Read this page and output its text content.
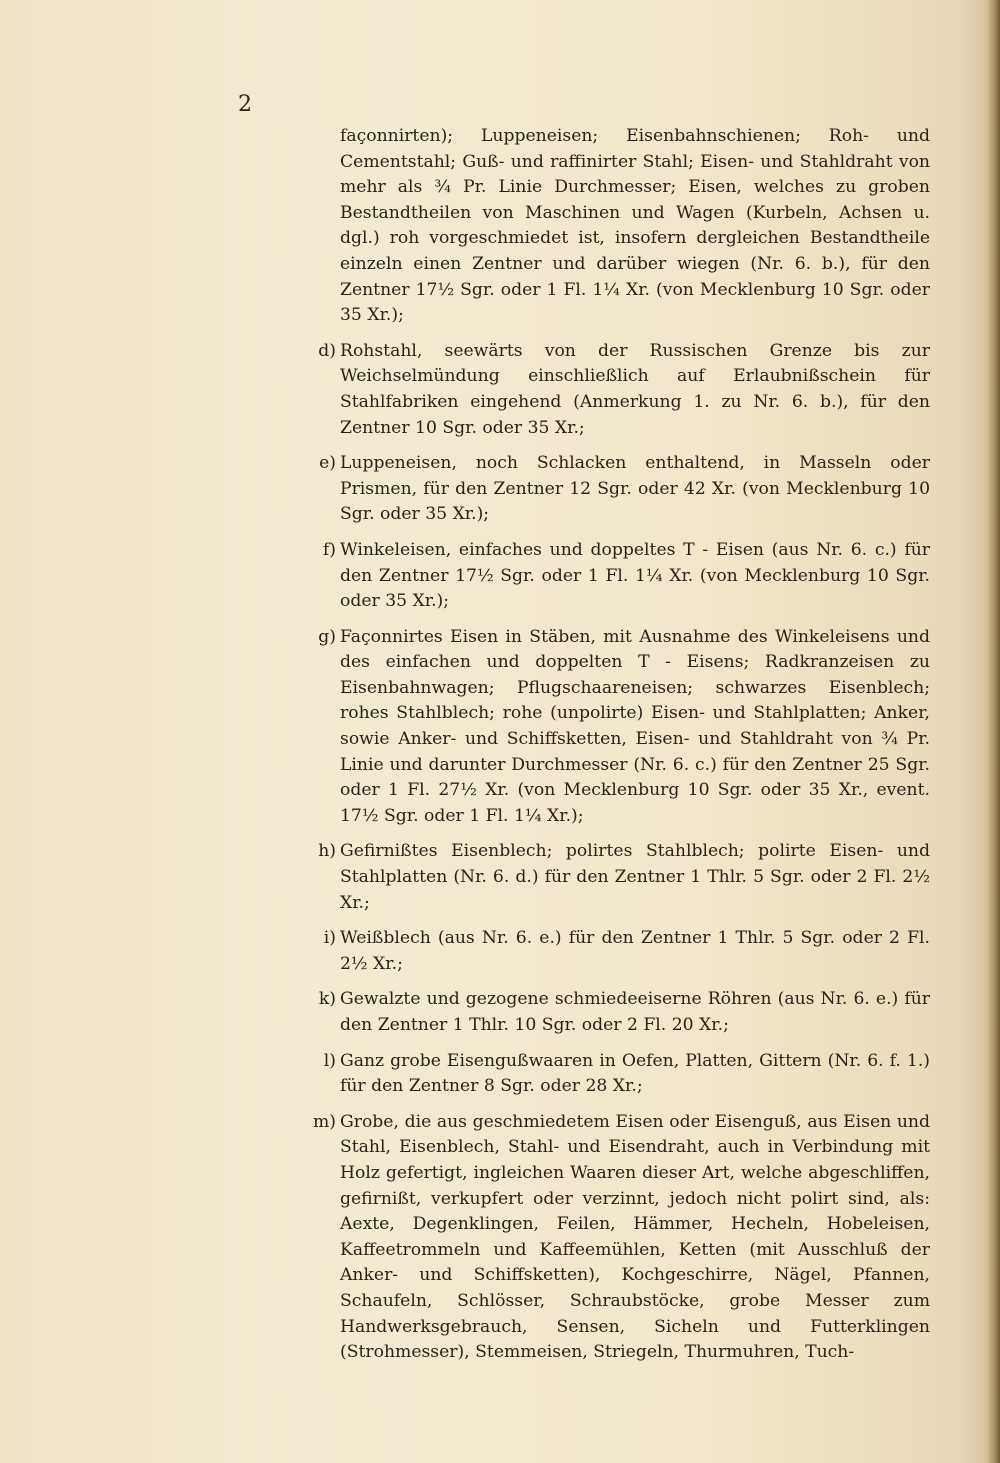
2

façonnirten); Luppeneisen; Eisenbahnschienen; Roh- und Cementstahl; Guß- und raffinirter Stahl; Eisen- und Stahldraht von mehr als ¾ Pr. Linie Durchmesser; Eisen, welches zu groben Bestandtheilen von Maschinen und Wagen (Kurbeln, Achsen u. dgl.) roh vorgeschmiedet ist, insofern dergleichen Bestandtheile einzeln einen Zentner und darüber wiegen (Nr. 6. b.), für den Zentner 17½ Sgr. oder 1 Fl. 1¼ Xr. (von Mecklenburg 10 Sgr. oder 35 Xr.);

d) Rohstahl, seewärts von der Russischen Grenze bis zur Weichselmündung einschließlich auf Erlaubnißschein für Stahlfabriken eingehend (Anmerkung 1. zu Nr. 6. b.), für den Zentner 10 Sgr. oder 35 Xr.;

e) Luppeneisen, noch Schlacken enthaltend, in Masseln oder Prismen, für den Zentner 12 Sgr. oder 42 Xr. (von Mecklenburg 10 Sgr. oder 35 Xr.);

f) Winkeleisen, einfaches und doppeltes T - Eisen (aus Nr. 6. c.) für den Zentner 17½ Sgr. oder 1 Fl. 1¼ Xr. (von Mecklenburg 10 Sgr. oder 35 Xr.);

g) Façonnirtes Eisen in Stäben, mit Ausnahme des Winkeleisens und des einfachen und doppelten T - Eisens; Radkranzeisen zu Eisenbahnwagen; Pflugschaareneisen; schwarzes Eisenblech; rohes Stahlblech; rohe (unpolirte) Eisen- und Stahlplatten; Anker, sowie Anker- und Schiffsketten, Eisen- und Stahldraht von ¾ Pr. Linie und darunter Durchmesser (Nr. 6. c.) für den Zentner 25 Sgr. oder 1 Fl. 27½ Xr. (von Mecklenburg 10 Sgr. oder 35 Xr., event. 17½ Sgr. oder 1 Fl. 1¼ Xr.);

h) Gefirnißtes Eisenblech; polirtes Stahlblech; polirte Eisen- und Stahlplatten (Nr. 6. d.) für den Zentner 1 Thlr. 5 Sgr. oder 2 Fl. 2½ Xr.;

i) Weißblech (aus Nr. 6. e.) für den Zentner 1 Thlr. 5 Sgr. oder 2 Fl. 2½ Xr.;

k) Gewalzte und gezogene schmiedeeiserne Röhren (aus Nr. 6. e.) für den Zentner 1 Thlr. 10 Sgr. oder 2 Fl. 20 Xr.;

l) Ganz grobe Eisengußwaaren in Oefen, Platten, Gittern (Nr. 6. f. 1.) für den Zentner 8 Sgr. oder 28 Xr.;

m) Grobe, die aus geschmiedetem Eisen oder Eisenguß, aus Eisen und Stahl, Eisenblech, Stahl- und Eisendraht, auch in Verbindung mit Holz gefertigt, ingleichen Waaren dieser Art, welche abgeschliffen, gefirnißt, verkupfert oder verzinnt, jedoch nicht polirt sind, als: Aexte, Degenklingen, Feilen, Hämmer, Hecheln, Hobeleisen, Kaffeetrommeln und Kaffeemühlen, Ketten (mit Ausschluß der Anker- und Schiffsketten), Kochgeschirre, Nägel, Pfannen, Schaufeln, Schlösser, Schraubstöcke, grobe Messer zum Handwerksgebrauch, Sensen, Sicheln und Futterklingen (Strohmesser), Stemmeisen, Striegeln, Thurmuhren, Tuch-
